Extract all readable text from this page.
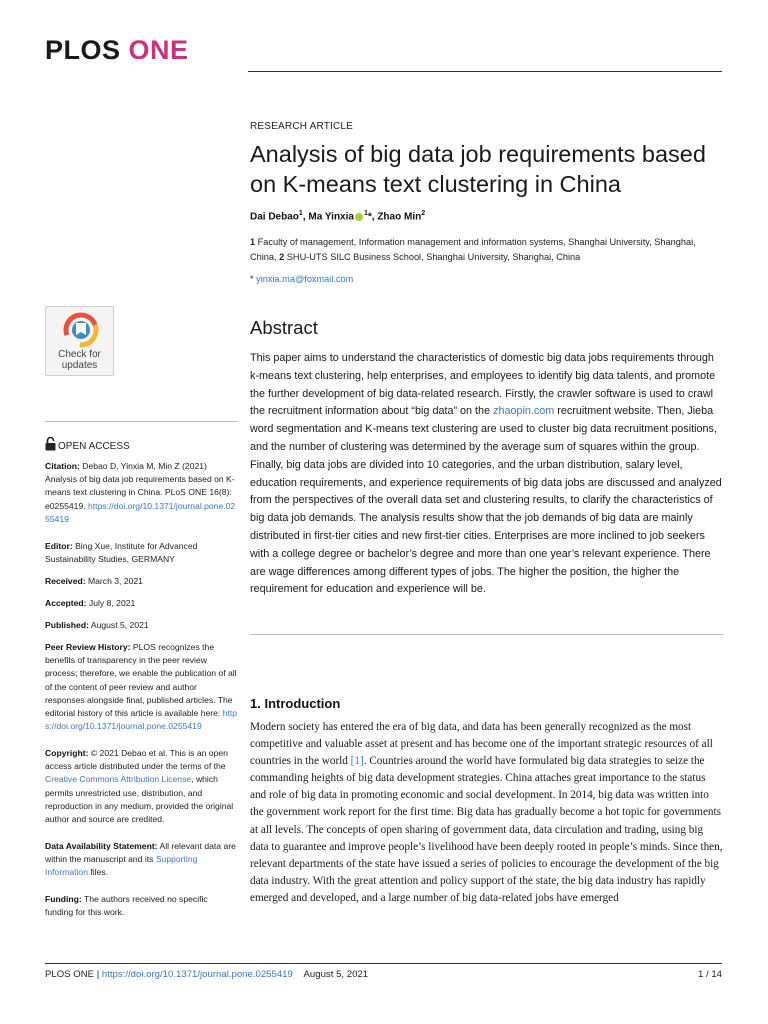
PLOS ONE
RESEARCH ARTICLE
Analysis of big data job requirements based on K-means text clustering in China
Dai Debao$^1$, Ma Yinxia $^1$*, Zhao Min$^2$
1 Faculty of management, Information management and information systems, Shanghai University, Shanghai, China, 2 SHU-UTS SILC Business School, Shanghai University, Shanghai, China
* yinxia.ma@foxmail.com
Abstract

This paper aims to understand the characteristics of domestic big data jobs requirements through k-means text clustering, help enterprises, and employees to identify big data talents, and promote the further development of big data-related research. Firstly, the crawler software is used to crawl the recruitment information about “big data” on the zhaopin.com recruitment website. Then, Jieba word segmentation and K-means text clustering are used to cluster big data recruitment positions, and the number of clustering was determined by the average sum of squares within the group. Finally, big data jobs are divided into 10 categories, and the urban distribution, salary level, education requirements, and experience requirements of big data jobs are discussed and analyzed from the perspectives of the overall data set and clustering results, to clarify the characteristics of big data job demands. The analysis results show that the job demands of big data are mainly distributed in first-tier cities and new first-tier cities. Enterprises are more inclined to job seekers with a college degree or bachelor’s degree and more than one year’s relevant experience. There are wage differences among different types of jobs. The higher the position, the higher the requirement for education and experience will be.

1. Introduction

Modern society has entered the era of big data, and data has been generally recognized as the most competitive and valuable asset at present and has become one of the important strategic resources of all countries in the world [1]. Countries around the world have formulated big data strategies to seize the commanding heights of big data development strategies. China attaches great importance to the status and role of big data in promoting economic and social development. In 2014, big data was written into the government work report for the first time. Big data has gradually become a hot topic for governments at all levels. The concepts of open sharing of government data, data circulation and trading, using big data to guarantee and improve people’s livelihood have been deeply rooted in people’s minds. Since then, relevant departments of the state have issued a series of policies to encourage the development of the big data industry. With the great attention and policy support of the state, the big data industry has rapidly emerged and developed, and a large number of big data-related jobs have emerged

Check for
updates
OPEN ACCESS
Citation: Debao D, Yinxia M, Min Z (2021) Analysis of big data job requirements based on K-means text clustering in China. PLoS ONE 16(8): e0255419. https://doi.org/10.1371/journal.pone.0255419
Editor: Bing Xue, Institute for Advanced Sustainability Studies, GERMANY
Received: March 3, 2021
Accepted: July 8, 2021
Published: August 5, 2021
Peer Review History: PLOS recognizes the benefits of transparency in the peer review process; therefore, we enable the publication of all of the content of peer review and author responses alongside final, published articles. The editorial history of this article is available here: https://doi.org/10.1371/journal.pone.0255419
Copyright: © 2021 Debao et al. This is an open access article distributed under the terms of the Creative Commons Attribution License, which permits unrestricted use, distribution, and reproduction in any medium, provided the original author and source are credited.
Data Availability Statement: All relevant data are within the manuscript and its Supporting Information files.
Funding: The authors received no specific funding for this work.
PLOS ONE | https://doi.org/10.1371/journal.pone.0255419 August 5, 2021	1 / 14
